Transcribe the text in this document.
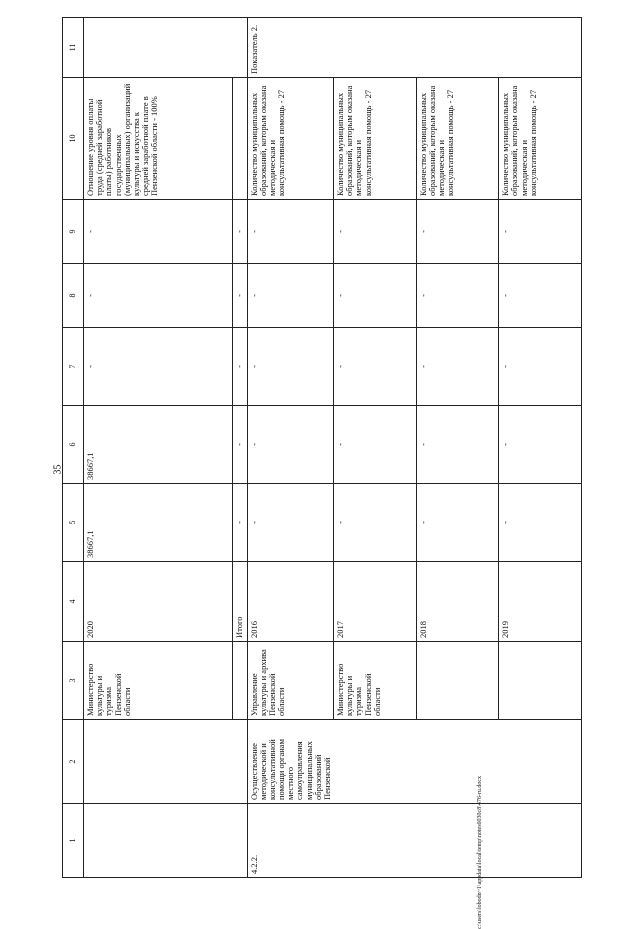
35
c:\users\lobodn~1\appdata\local\temp\notes6030c8\476-ru.docx
1	2	3	4	5	6	7	8	9	10	11
		Министерство культуры и туризма Пензенской области	2020	38667,1	38667,1	-	-	-	Отношение уровня оплаты труда (средней заработной платы) работников государственных (муниципальных) организаций культуры и искусства к средней заработной плате в Пензенской области - 100%	
			Итого	-	-	-	-	-		
4.2.2.	Осуществление методической и консультативной помощи органам местного самоуправления муниципальных образований Пензенской	Управление культуры и архива Пензенской области	2016	-	-	-	-	-	Количество муниципальных образований, которым оказана методическая и консультативная помощь - 27	Показатель 2.
		Министерство культуры и туризма Пензенской области	2017	-	-	-	-	-	Количество муниципальных образований, которым оказана методическая и консультативная помощь - 27	
			2018	-	-	-	-	-	Количество муниципальных образований, которым оказана методическая и консультативная помощь - 27	
			2019	-	-	-	-	-	Количество муниципальных образований, которым оказана методическая и консультативная помощь - 27	
